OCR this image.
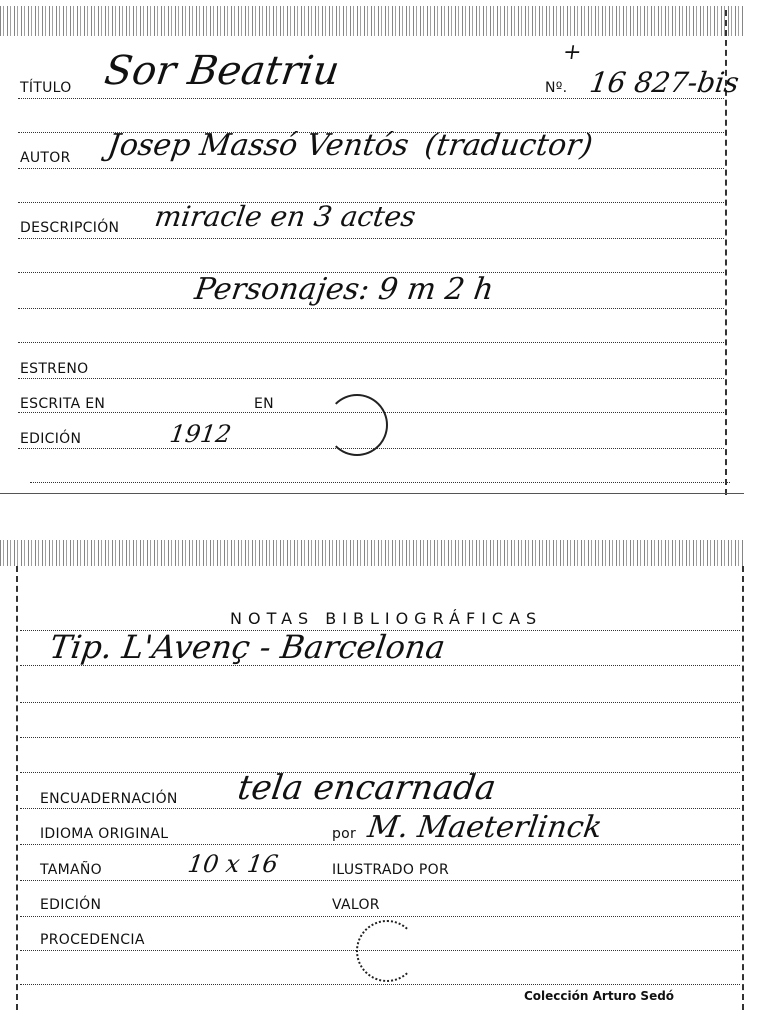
TÍTULO Sor Beatriu	Nº.
+
16 827-bis
AUTOR Josep Massó Ventós (traductor)
DESCRIPCIÓN miracle en 3 actes
Personajes: 9 m 2 h
ESTRENO
ESCRITA EN	EN
EDICIÓN	1912
NOTAS BIBLIOGRÁFICAS
Tip. L'Avenç - Barcelona
ENCUADERNACIÓN tela encarnada
IDIOMA ORIGINAL	por M. Maeterlinck
TAMAÑO	10 x 16	ILUSTRADO POR
EDICIÓN	VALOR
PROCEDENCIA
Colección Arturo Sedó
